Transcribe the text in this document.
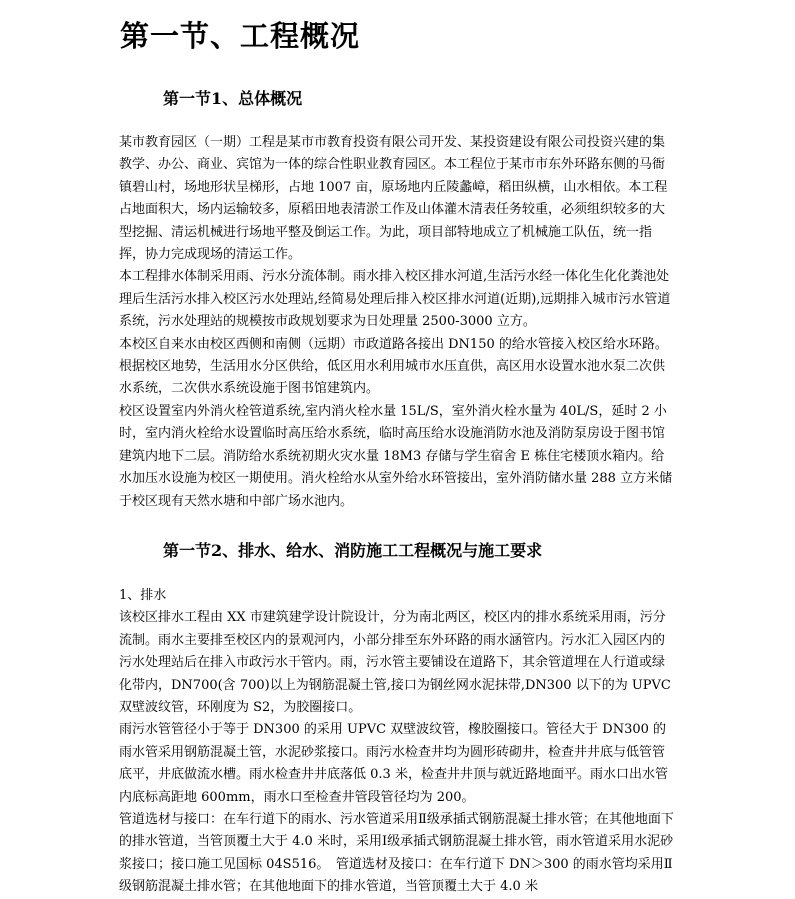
第一节、工程概况
第一节1、总体概况

某市教育园区（一期）工程是某市市教育投资有限公司开发、某投资建设有限公司投资兴建的集教学、办公、商业、宾馆为一体的综合性职业教育园区。本工程位于某市市东外环路东侧的马衙镇碧山村，场地形状呈梯形，占地 1007 亩，原场地内丘陵蠡嶂，稻田纵横，山水相依。本工程占地面积大，场内运输较多，原稻田地表清淤工作及山体灌木清表任务较重，必须组织较多的大型挖掘、清运机械进行场地平整及倒运工作。为此，项目部特地成立了机械施工队伍，统一指挥，协力完成现场的清运工作。

本工程排水体制采用雨、污水分流体制。雨水排入校区排水河道,生活污水经一体化生化化粪池处理后生活污水排入校区污水处理站,经简易处理后排入校区排水河道(近期),远期排入城市污水管道系统，污水处理站的规模按市政规划要求为日处理量 2500-3000 立方。

本校区自来水由校区西侧和南侧（远期）市政道路各接出 DN150 的给水管接入校区给水环路。根据校区地势，生活用水分区供给，低区用水利用城市水压直供，高区用水设置水池水泵二次供水系统，二次供水系统设施于图书馆建筑内。

校区设置室内外消火栓管道系统,室内消火栓水量 15L/S，室外消火栓水量为 40L/S，延时 2 小时，室内消火栓给水设置临时高压给水系统，临时高压给水设施消防水池及消防泵房设于图书馆建筑内地下二层。消防给水系统初期火灾水量 18M3 存储与学生宿舍 E 栋住宅楼顶水箱内。给水加压水设施为校区一期使用。消火栓给水从室外给水环管接出，室外消防储水量 288 立方米储于校区现有天然水塘和中部广场水池内。

第一节2、排水、给水、消防施工工程概况与施工要求

1、排水

该校区排水工程由 XX 市建筑建学设计院设计，分为南北两区，校区内的排水系统采用雨，污分流制。雨水主要排至校区内的景观河内，小部分排至东外环路的雨水涵管内。污水汇入园区内的污水处理站后在排入市政污水干管内。雨，污水管主要铺设在道路下，其余管道埋在人行道或绿化带内，DN700(含 700)以上为钢筋混凝土管,接口为钢丝网水泥抹带,DN300 以下的为 UPVC 双壁波纹管，环刚度为 S2，为胶圈接口。

雨污水管管径小于等于 DN300 的采用 UPVC 双壁波纹管，橡胶圈接口。管径大于 DN300 的雨水管采用钢筋混凝土管，水泥砂浆接口。雨污水检查井均为圆形砖砌井，检查井井底与低管管底平，井底做流水槽。雨水检查井井底落低 0.3 米，检查井井顶与就近路地面平。雨水口出水管内底标高距地 600mm，雨水口至检查井管段管径均为 200。

管道选材与接口：在车行道下的雨水、污水管道采用Ⅱ级承插式钢筋混凝土排水管；在其他地面下的排水管道，当管顶覆土大于 4.0 米时，采用Ⅰ级承插式钢筋混凝土排水管，雨水管道采用水泥砂浆接口；接口施工见国标 04S516。　管道选材及接口：在车行道下 DN＞300 的雨水管均采用Ⅱ级钢筋混凝土排水管；在其他地面下的排水管道，当管顶覆土大于 4.0 米
